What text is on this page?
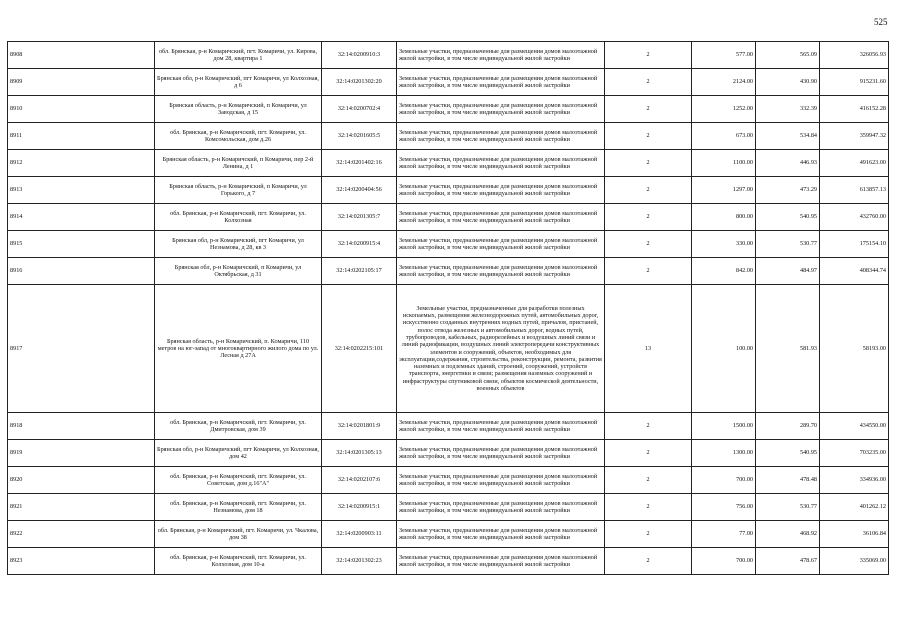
525
8908	обл. Брянская, р-н Комаричский, пгт. Комаричи, ул. Кирова, дом 28, квартира 1	32:14:0200910:3	Земельные участки, предназначенные для размещения домов малоэтажной жилой застройки, в том числе индивидуальной жилой застройки	2	577.00	565.09	326056.93
8909	Брянская обл, р-н Комаричский, пгт Комаричи, ул Колхозная, д 6	32:14:0201302:20	Земельные участки, предназначенные для размещения домов малоэтажной жилой застройки, в том числе индивидуальной жилой застройки	2	2124.00	430.90	915231.60
8910	Брянская область, р-н Комаричский, п Комаричи, ул Заводская, д 15	32:14:0200702:4	Земельные участки, предназначенные для размещения домов малоэтажной жилой застройки, в том числе индивидуальной жилой застройки	2	1252.00	332.39	416152.28
8911	обл. Брянская, р-н Комаричский, пгт. Комаричи, ул. Комсомольская, дом д.26	32:14:0201605:5	Земельные участки, предназначенные для размещения домов малоэтажной жилой застройки, в том числе индивидуальной жилой застройки	2	673.00	534.84	359947.32
8912	Брянская область, р-н Комаричский, п Комаричи, пер 2-й Ленина, д 1	32:14:0201402:16	Земельные участки, предназначенные для размещения домов малоэтажной жилой застройки, в том числе индивидуальной жилой застройки	2	1100.00	446.93	491623.00
8913	Брянская область, р-н Комаричский, п Комаричи, ул Горького, д 7	32:14:0200404:56	Земельные участки, предназначенные для размещения домов малоэтажной жилой застройки, в том числе индивидуальной жилой застройки	2	1297.00	473.29	613857.13
8914	обл. Брянская, р-н Комаричский, пгт. Комаричи, ул. Колхозная	32:14:0201305:7	Земельные участки, предназначенные для размещения домов малоэтажной жилой застройки, в том числе индивидуальной жилой застройки	2	800.00	540.95	432760.00
8915	Брянская обл, р-н Комаричский, пгт Комаричи, ул Незнамова, д 28, кв 3	32:14:0200915:4	Земельные участки, предназначенные для размещения домов малоэтажной жилой застройки, в том числе индивидуальной жилой застройки	2	330.00	530.77	175154.10
8916	Брянская обл, р-н Комаричский, п Комаричи, ул Октябрьская, д 31	32:14:0202105:17	Земельные участки, предназначенные для размещения домов малоэтажной жилой застройки, в том числе индивидуальной жилой застройки	2	842.00	484.97	408344.74
8917	Брянская область, р-н Комаричский, п. Комаричи, 110 метров на юг-запад от многоквартирного жилого дома по ул. Лесная д 27А	32:14:0202215:101	Земельные участки, предназначенные для разработки полезных ископаемых, размещения железнодорожных путей, автомобильных дорог, искусственно созданных внутренних водных путей, причалов, пристаней, полос отвода железных и автомобильных дорог, водных путей, трубопроводов, кабельных, радиорелейных и воздушных линий связи и линий радиофикации, воздушных линий электропередачи конструктивных элементов и сооружений, объектов, необходимых для эксплуатации,содержания, строительства, реконструкции, ремонта, развития наземных и подземных зданий, строений, сооружений, устройств транспорта, энергетики и связи; размещения наземных сооружений и инфраструктуры спутниковой связи, объектов космической деятельности, военных объектов	13	100.00	581.93	58193.00
8918	обл. Брянская, р-н Комаричский, пгт. Комаричи, ул. Дмитровская, дом 39	32:14:0201801:9	Земельные участки, предназначенные для размещения домов малоэтажной жилой застройки, в том числе индивидуальной жилой застройки	2	1500.00	289.70	434550.00
8919	Брянская обл, р-н Комаричский, пгт Комаричи, ул Колхозная, дом 42	32:14:0201305:13	Земельные участки, предназначенные для размещения домов малоэтажной жилой застройки, в том числе индивидуальной жилой застройки	2	1300.00	540.95	703235.00
8920	обл. Брянская, р-н Комаричский, пгт. Комаричи, ул. Советская, дом д.16"А"	32:14:0202107:6	Земельные участки, предназначенные для размещения домов малоэтажной жилой застройки, в том числе индивидуальной жилой застройки	2	700.00	478.48	334936.00
8921	обл. Брянская, р-н Комаричский, пгт. Комаричи, ул. Незнамова, дом 18	32:14:0200915:1	Земельные участки, предназначенные для размещения домов малоэтажной жилой застройки, в том числе индивидуальной жилой застройки	2	756.00	530.77	401262.12
8922	обл. Брянская, р-н Комаричский, пгт. Комаричи, ул. Чкалова, дом 38	32:14:0200903:11	Земельные участки, предназначенные для размещения домов малоэтажной жилой застройки, в том числе индивидуальной жилой застройки	2	77.00	468.92	36106.84
8923	обл. Брянская, р-н Комаричский, пгт. Комаричи, ул. Колхозная, дом 10-а	32:14:0201302:23	Земельные участки, предназначенные для размещения домов малоэтажной жилой застройки, в том числе индивидуальной жилой застройки	2	700.00	478.67	335069.00
